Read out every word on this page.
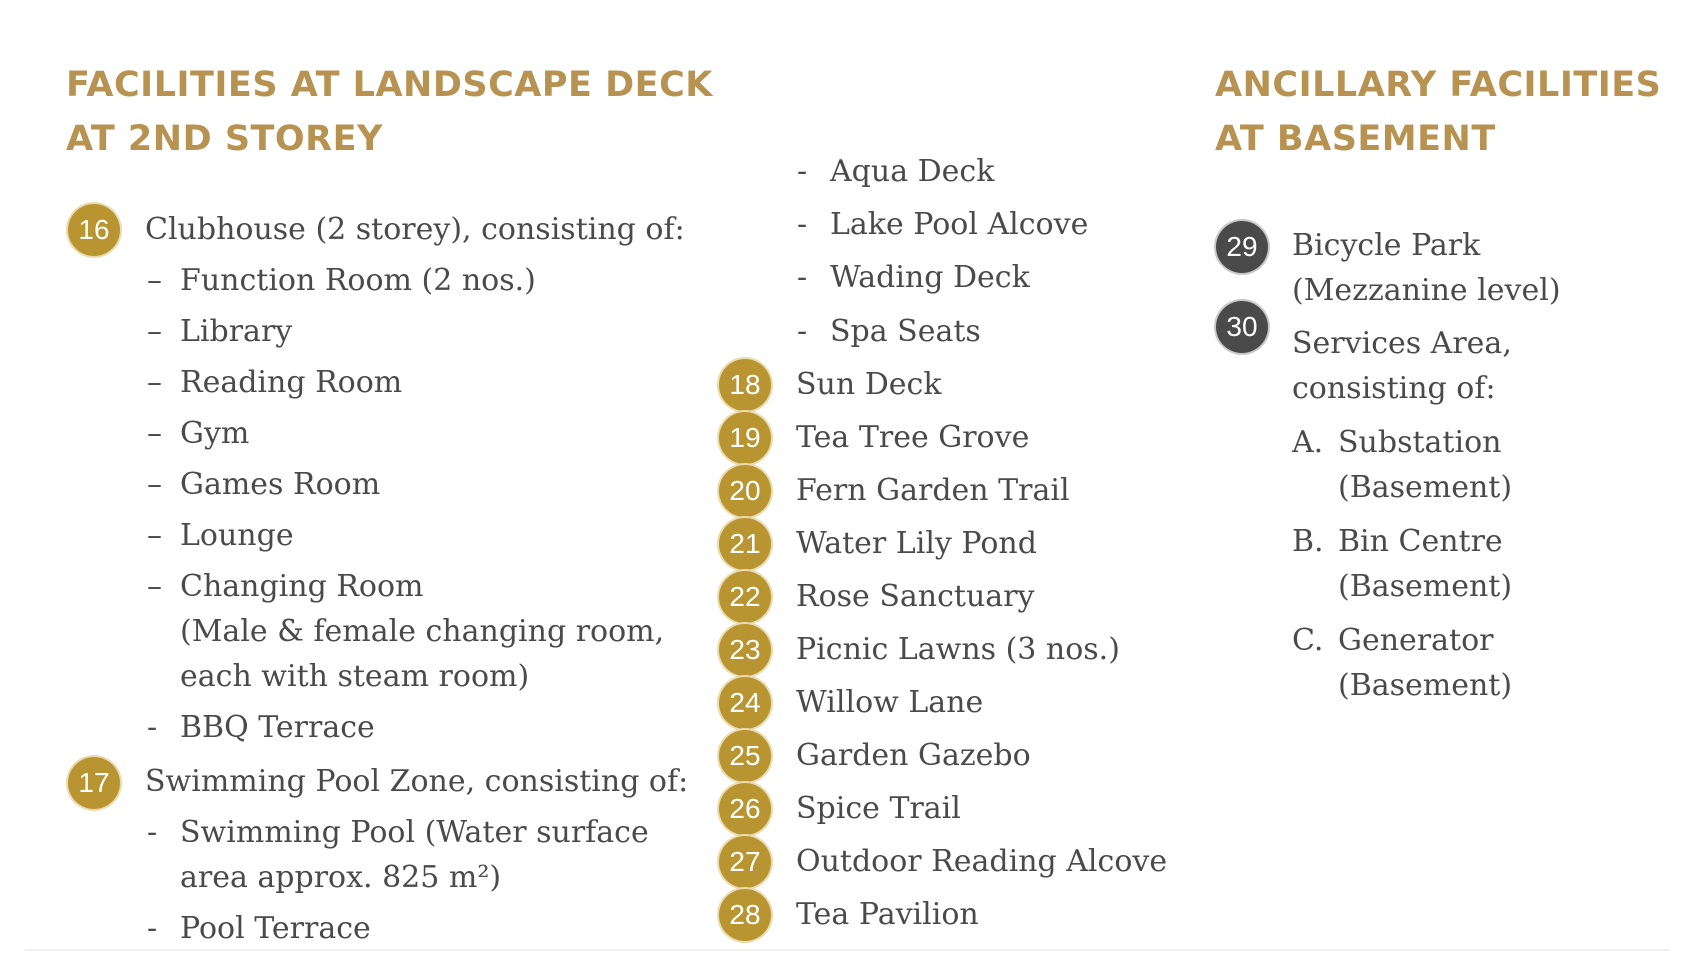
FACILITIES AT LANDSCAPE DECK
AT 2ND STOREY
16	Clubhouse (2 storey), consisting of:
– Function Room (2 nos.)
– Library
– Reading Room
– Gym
– Games Room
– Lounge
– Changing Room
(Male & female changing room,
each with steam room)
- BBQ Terrace
17	Swimming Pool Zone, consisting of:
- Swimming Pool (Water surface
area approx. 825 m²)
- Pool Terrace
- Aqua Deck
- Lake Pool Alcove
- Wading Deck
- Spa Seats
18	Sun Deck
19	Tea Tree Grove
20	Fern Garden Trail
21	Water Lily Pond
22	Rose Sanctuary
23	Picnic Lawns (3 nos.)
24	Willow Lane
25	Garden Gazebo
26	Spice Trail
27	Outdoor Reading Alcove
28	Tea Pavilion
ANCILLARY FACILITIES
AT BASEMENT
29	Bicycle Park
(Mezzanine level)
30	Services Area,
consisting of:
A. Substation
(Basement)
B. Bin Centre
(Basement)
C. Generator
(Basement)
